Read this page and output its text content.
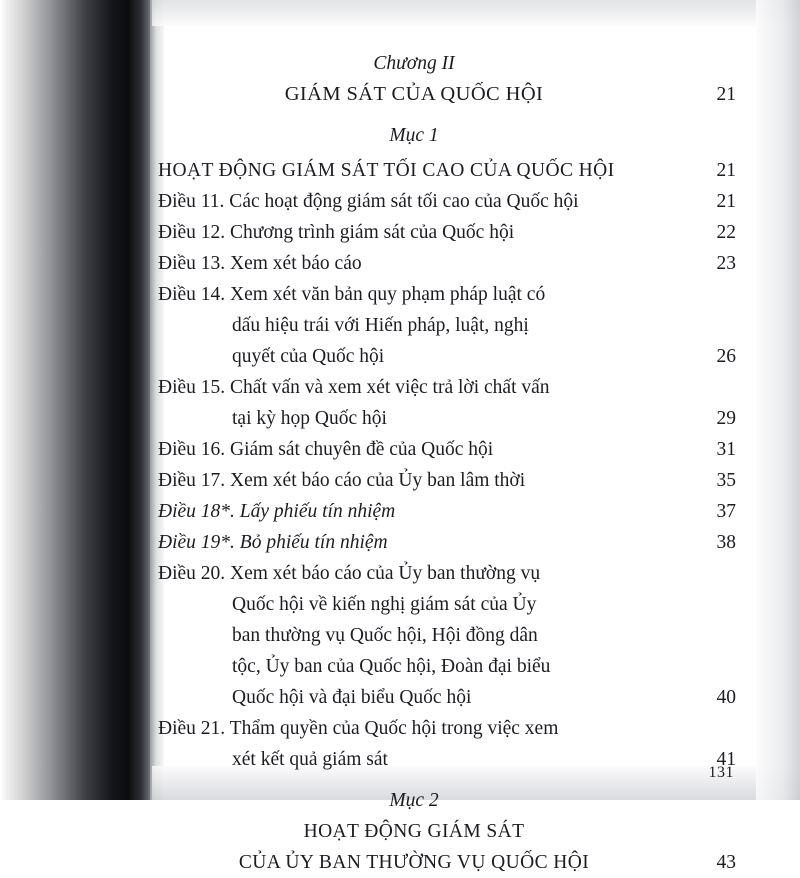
Chương II
GIÁM SÁT CỦA QUỐC HỘI	21
Mục 1
HOẠT ĐỘNG GIÁM SÁT TỐI CAO CỦA QUỐC HỘI	21
Điều 11. Các hoạt động giám sát tối cao của Quốc hội	21
Điều 12. Chương trình giám sát của Quốc hội	22
Điều 13. Xem xét báo cáo	23
Điều 14. Xem xét văn bản quy phạm pháp luật có
dấu hiệu trái với Hiến pháp, luật, nghị
quyết của Quốc hội	26
Điều 15. Chất vấn và xem xét việc trả lời chất vấn
tại kỳ họp Quốc hội	29
Điều 16. Giám sát chuyên đề của Quốc hội	31
Điều 17. Xem xét báo cáo của Ủy ban lâm thời	35
Điều 18*. Lấy phiếu tín nhiệm	37
Điều 19*. Bỏ phiếu tín nhiệm	38
Điều 20. Xem xét báo cáo của Ủy ban thường vụ
Quốc hội về kiến nghị giám sát của Ủy
ban thường vụ Quốc hội, Hội đồng dân
tộc, Ủy ban của Quốc hội, Đoàn đại biểu
Quốc hội và đại biểu Quốc hội	40
Điều 21. Thẩm quyền của Quốc hội trong việc xem
xét kết quả giám sát	41
Mục 2
HOẠT ĐỘNG GIÁM SÁT
CỦA ỦY BAN THƯỜNG VỤ QUỐC HỘI	43
131
